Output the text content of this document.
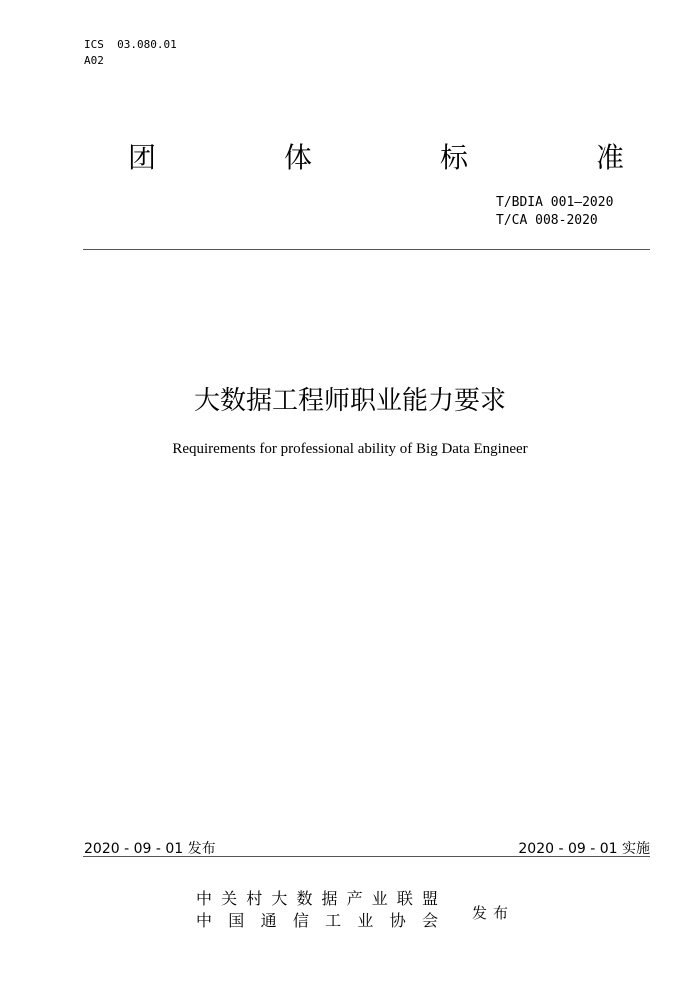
ICS  03.080.01
A02
团	体	标	准
T/BDIA 001—2020
T/CA 008-2020
大数据工程师职业能力要求
Requirements for professional ability of Big Data Engineer
2020 - 09 - 01 发布	2020 - 09 - 01 实施
中 关 村 大 数 据 产 业 联 盟
中 国 通 信 工 业 协 会 发布
